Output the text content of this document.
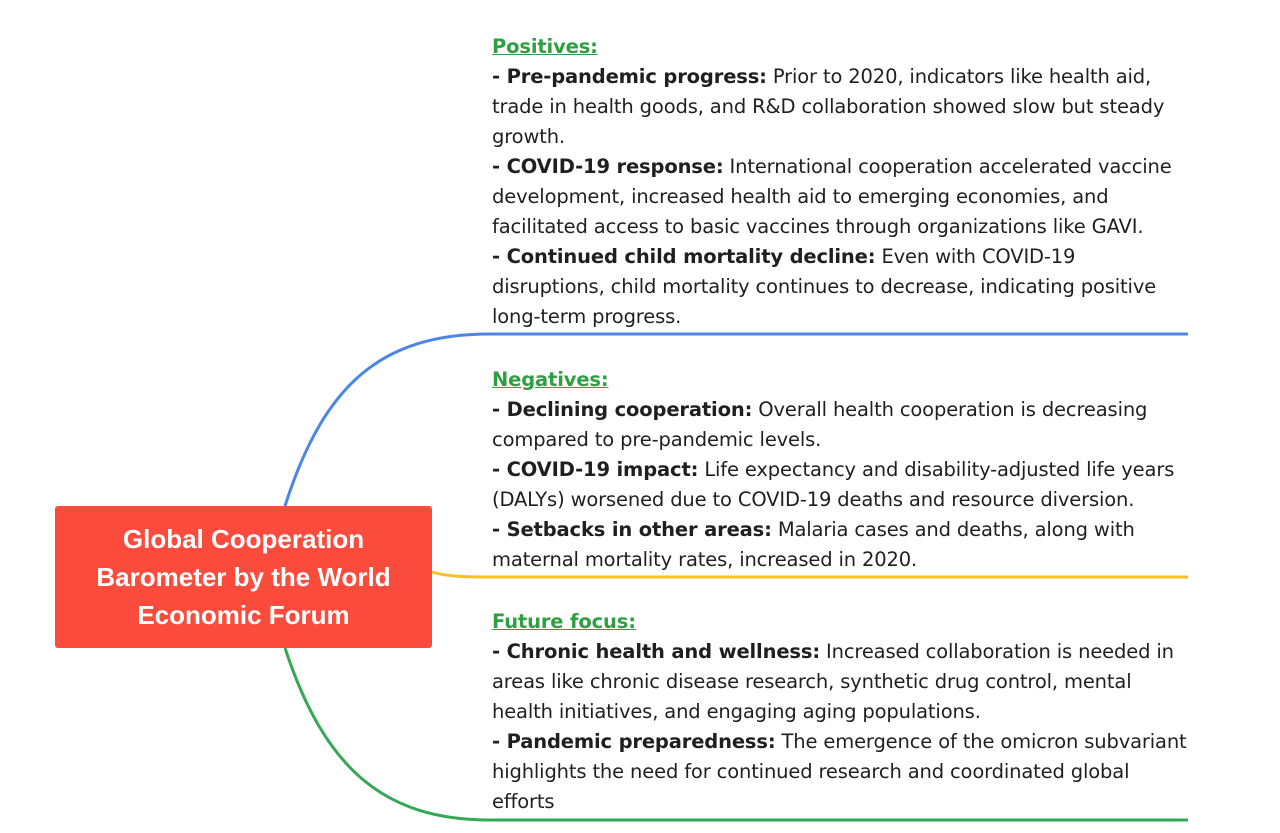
Global Cooperation Barometer by the World Economic Forum
Positives:
- Pre-pandemic progress: Prior to 2020, indicators like health aid, trade in health goods, and R&D collaboration showed slow but steady growth.
- COVID-19 response: International cooperation accelerated vaccine development, increased health aid to emerging economies, and facilitated access to basic vaccines through organizations like GAVI.
- Continued child mortality decline: Even with COVID-19 disruptions, child mortality continues to decrease, indicating positive long-term progress.
Negatives:
- Declining cooperation: Overall health cooperation is decreasing compared to pre-pandemic levels.
- COVID-19 impact: Life expectancy and disability-adjusted life years (DALYs) worsened due to COVID-19 deaths and resource diversion.
- Setbacks in other areas: Malaria cases and deaths, along with maternal mortality rates, increased in 2020.
Future focus:
- Chronic health and wellness: Increased collaboration is needed in areas like chronic disease research, synthetic drug control, mental health initiatives, and engaging aging populations.
- Pandemic preparedness: The emergence of the omicron subvariant highlights the need for continued research and coordinated global efforts
